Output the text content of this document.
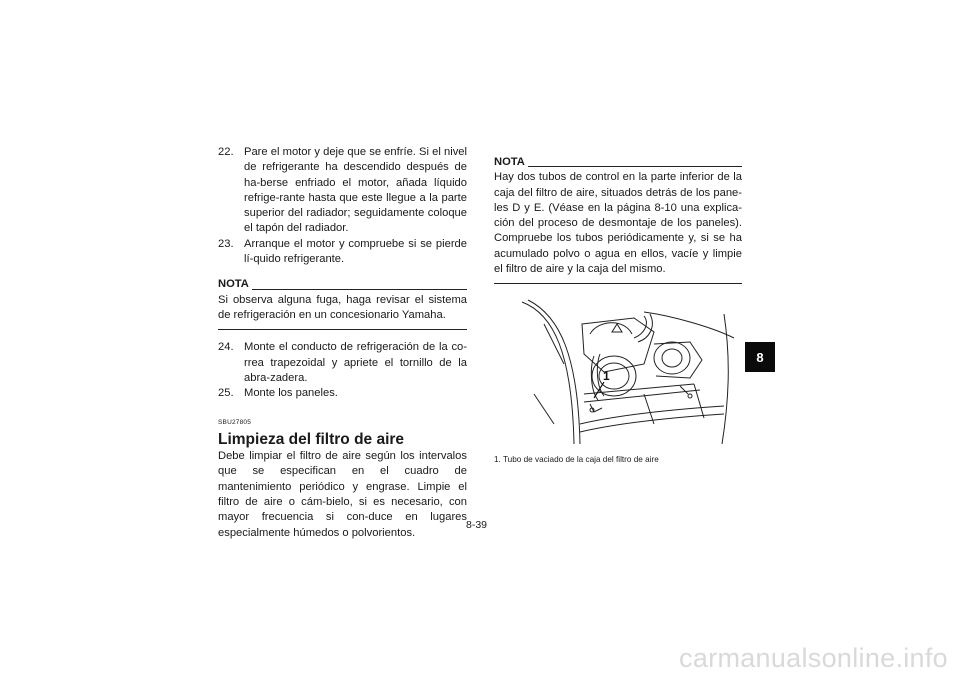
22. Pare el motor y deje que se enfríe. Si el nivel de refrigerante ha descendido después de ha-berse enfriado el motor, añada líquido refrige-rante hasta que este llegue a la parte superior del radiador; seguidamente coloque el tapón del radiador.
23. Arranque el motor y compruebe si se pierde lí-quido refrigerante.
NOTA

Si observa alguna fuga, haga revisar el sistema de refrigeración en un concesionario Yamaha.

24. Monte el conducto de refrigeración de la co-rrea trapezoidal y apriete el tornillo de la abra-zadera.
25. Monte los paneles.
SBU27805
Limpieza del filtro de aire

Debe limpiar el filtro de aire según los intervalos que se especifican en el cuadro de mantenimiento periódico y engrase. Limpie el filtro de aire o cám-bielo, si es necesario, con mayor frecuencia si con-duce en lugares especialmente húmedos o polvorientos.

NOTA

Hay dos tubos de control en la parte inferior de la caja del filtro de aire, situados detrás de los pane-les D y E. (Véase en la página 8-10 una explica-ción del proceso de desmontaje de los paneles). Compruebe los tubos periódicamente y, si se ha acumulado polvo o agua en ellos, vacíe y limpie el filtro de aire y la caja del mismo.

1
1. Tubo de vaciado de la caja del filtro de aire
8-39
8
carmanualsonline.info
